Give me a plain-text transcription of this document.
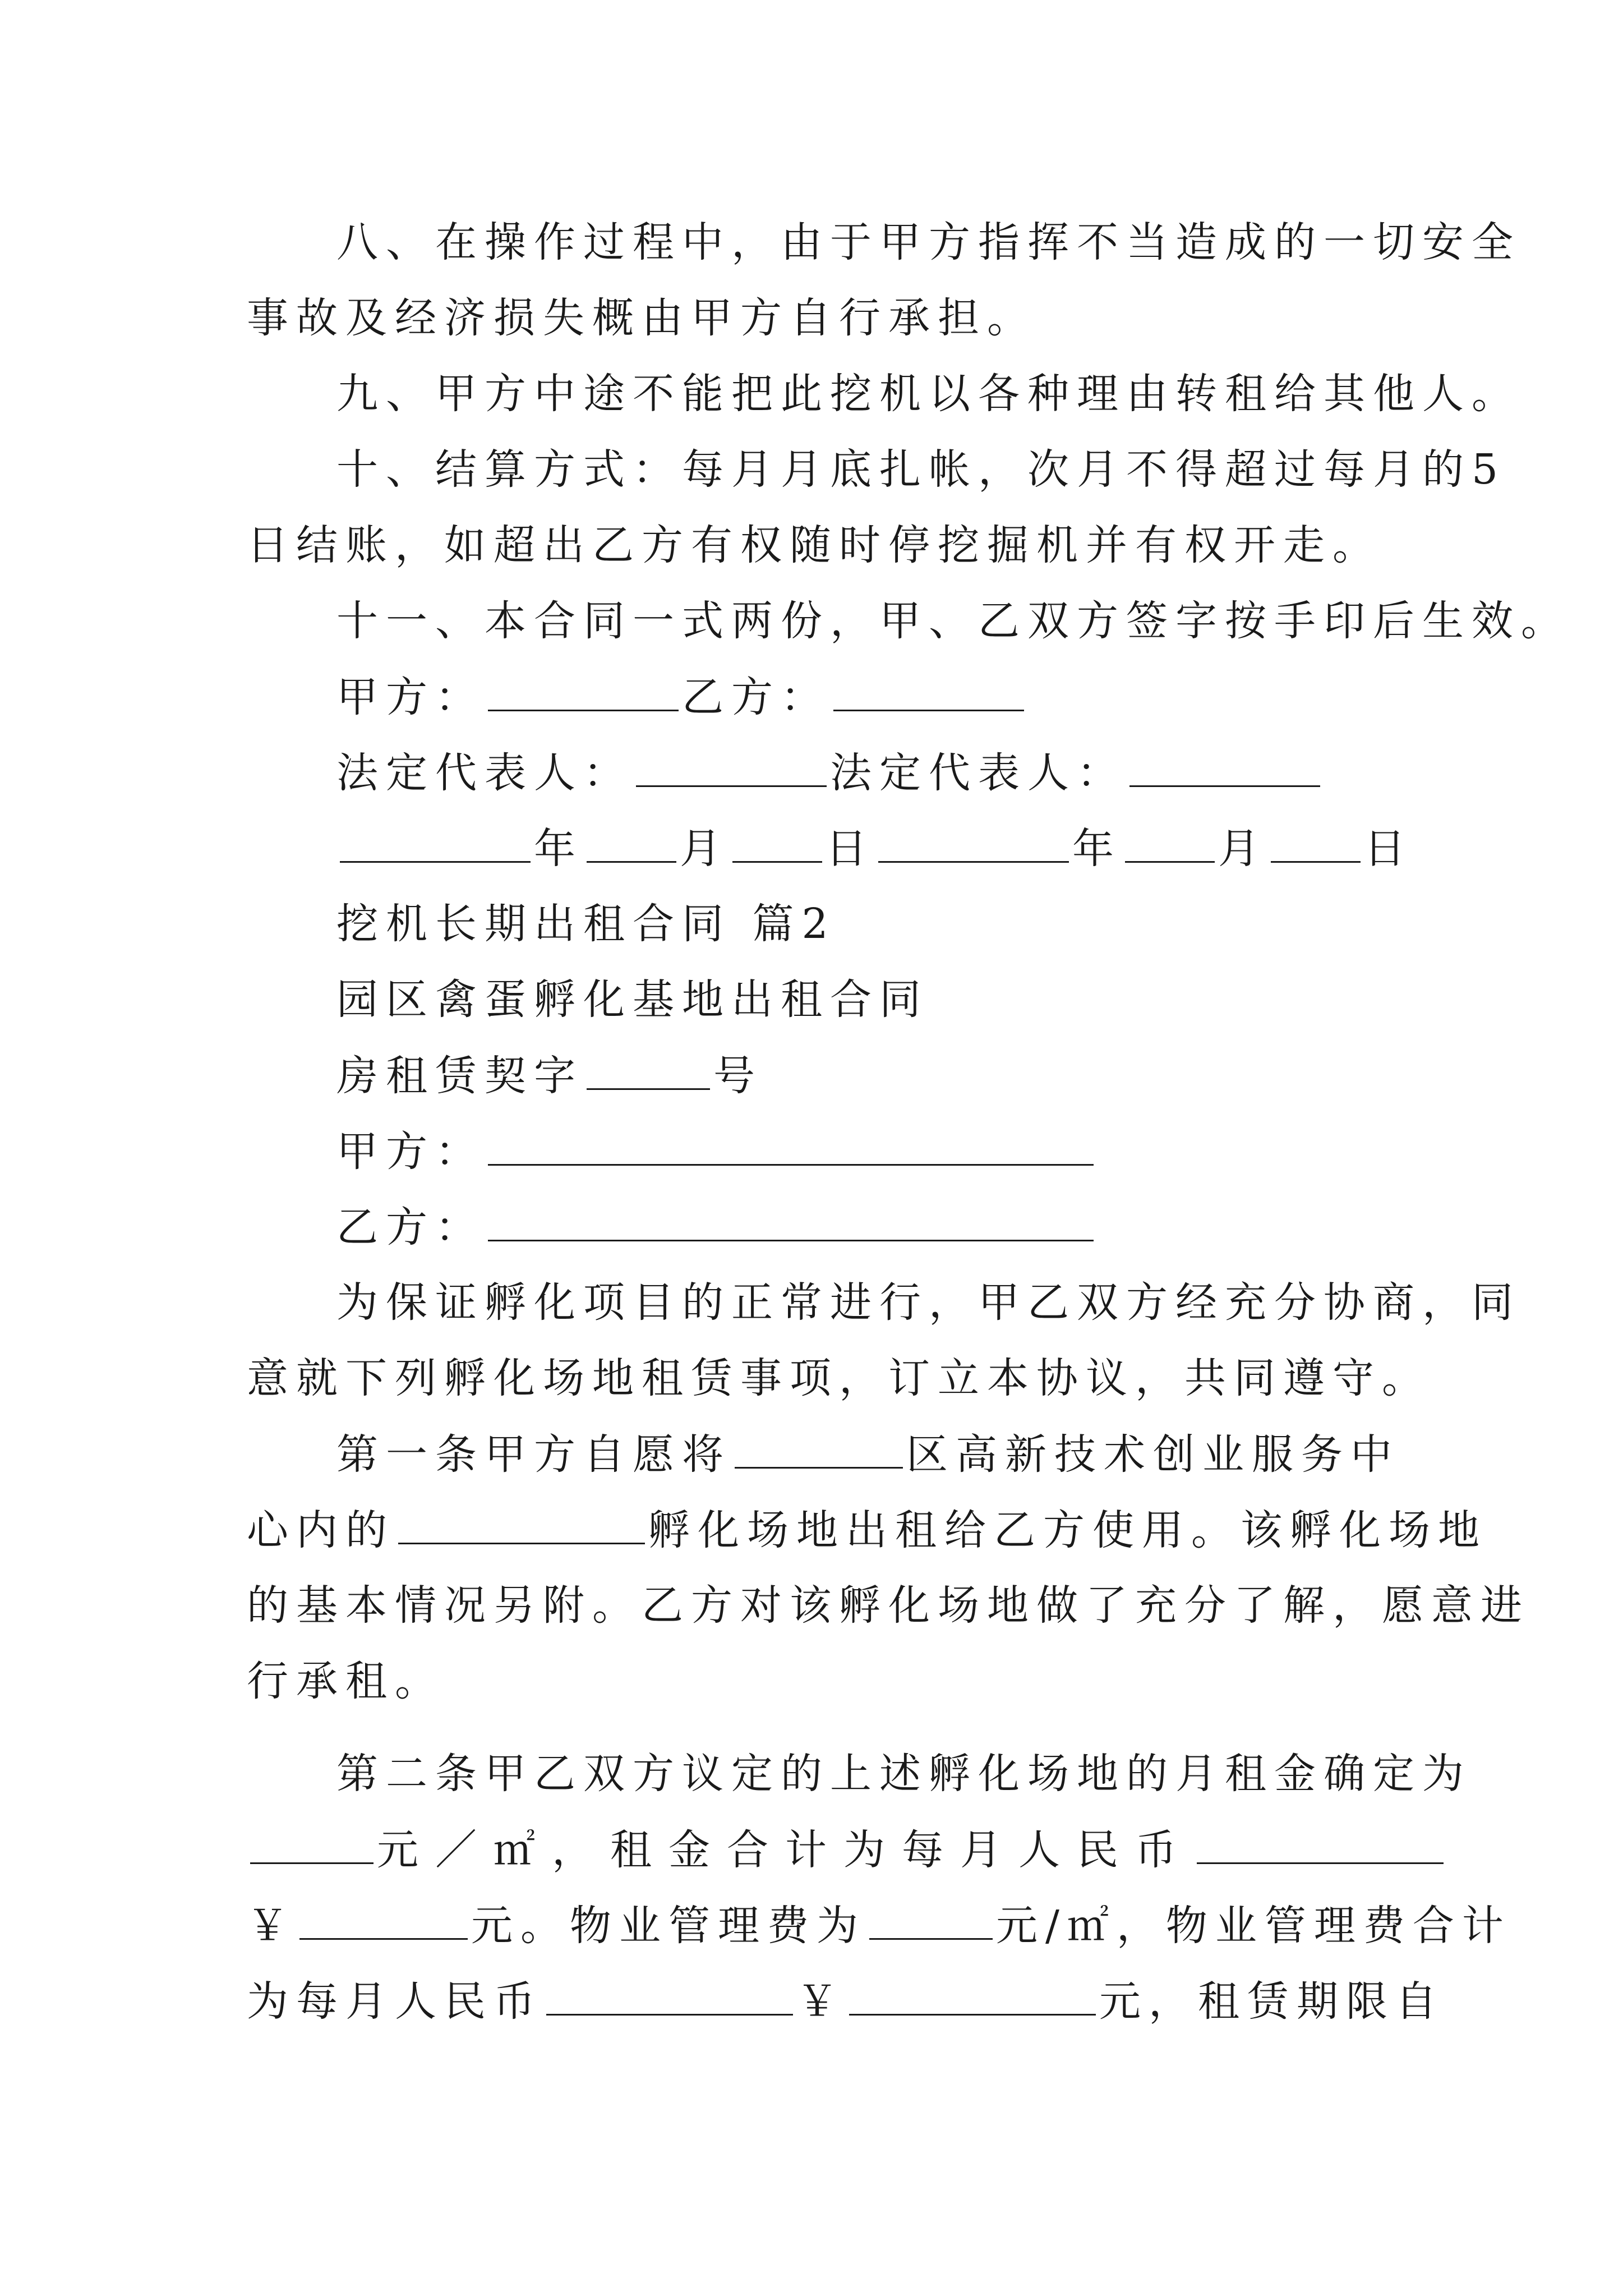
八、在操作过程中，由于甲方指挥不当造成的一切安全
事故及经济损失概由甲方自行承担。
九、甲方中途不能把此挖机以各种理由转租给其他人。
十、结算方式：每月月底扎帐，次月不得超过每月的5
日结账，如超出乙方有权随时停挖掘机并有权开走。
十一、本合同一式两份，甲、乙双方签字按手印后生效。
甲方：	乙方：
法定代表人：	法定代表人：
年 月 日	年 月 日
挖机长期出租合同 篇2
园区禽蛋孵化基地出租合同
房租赁契字	号
甲方：
乙方：
为保证孵化项目的正常进行，甲乙双方经充分协商，同
意就下列孵化场地租赁事项，订立本协议，共同遵守。
第一条甲方自愿将	区高新技术创业服务中
心内的	孵化场地出租给乙方使用。该孵化场地
的基本情况另附。乙方对该孵化场地做了充分了解，愿意进
行承租。
第二条甲乙双方议定的上述孵化场地的月租金确定为
元／㎡，租金合计为每月人民币
￥	元。物业管理费为	元/㎡，物业管理费合计
为每月人民币	￥	元，租赁期限自
